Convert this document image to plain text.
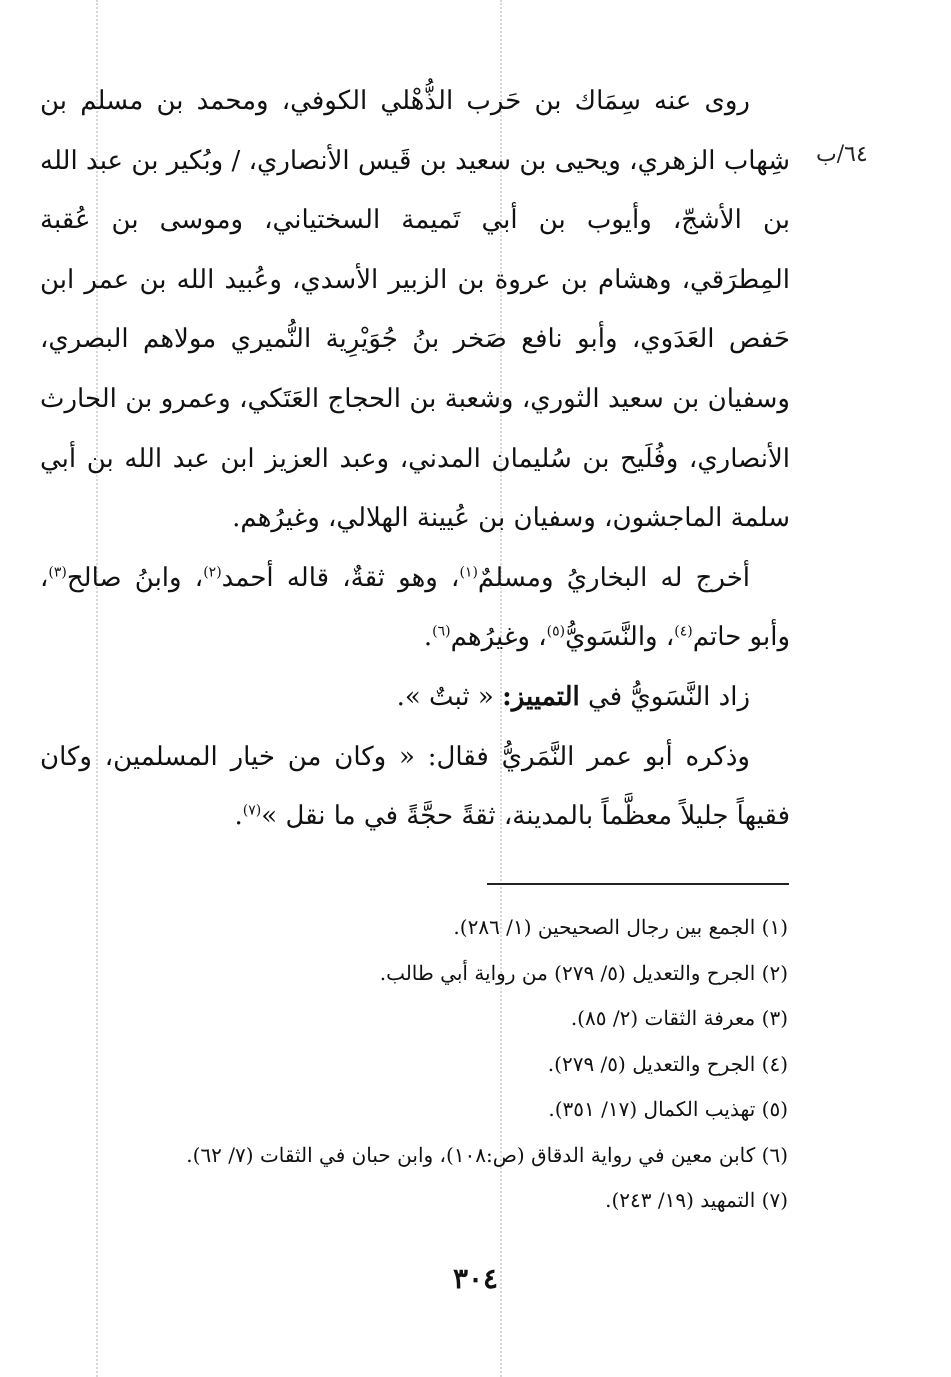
٦٤/ب

روى عنه سِمَاك بن حَرب الذُّهْلي الكوفي، ومحمد بن مسلم بن شِهاب الزهري، ويحيى بن سعيد بن قَيس الأنصاري، / وبُكير بن عبد الله بن الأشجّ، وأيوب بن أبي تَميمة السختياني، وموسى بن عُقبة المِطرَقي، وهشام بن عروة بن الزبير الأسدي، وعُبيد الله بن عمر ابن حَفص العَدَوي، وأبو نافع صَخر بنُ جُوَيْرِية النُّميري مولاهم البصري، وسفيان بن سعيد الثوري، وشعبة بن الحجاج العَتَكي، وعمرو بن الحارث الأنصاري، وفُلَيح بن سُليمان المدني، وعبد العزيز ابن عبد الله بن أبي سلمة الماجشون، وسفيان بن عُيينة الهلالي، وغيرُهم.

أخرج له البخاريُ ومسلمٌ$^{(١)}$، وهو ثقةٌ، قاله أحمد$^{(٢)}$، وابنُ صالح$^{(٣)}$، وأبو حاتم$^{(٤)}$، والنَّسَويُّ$^{(٥)}$، وغيرُهم$^{(٦)}$.

زاد النَّسَويُّ في التمييز: « ثبتٌ ».

وذكره أبو عمر النَّمَريُّ فقال: « وكان من خيار المسلمين، وكان فقيهاً جليلاً معظَّماً بالمدينة، ثقةً حجَّةً في ما نقل »$^{(٧)}$.

(١) الجمع بين رجال الصحيحين (١/ ٢٨٦).
(٢) الجرح والتعديل (٥/ ٢٧٩) من رواية أبي طالب.
(٣) معرفة الثقات (٢/ ٨٥).
(٤) الجرح والتعديل (٥/ ٢٧٩).
(٥) تهذيب الكمال (١٧/ ٣٥١).
(٦) كابن معين في رواية الدقاق (ص:١٠٨)، وابن حبان في الثقات (٧/ ٦٢).
(٧) التمهيد (١٩/ ٢٤٣).
٣٠٤
